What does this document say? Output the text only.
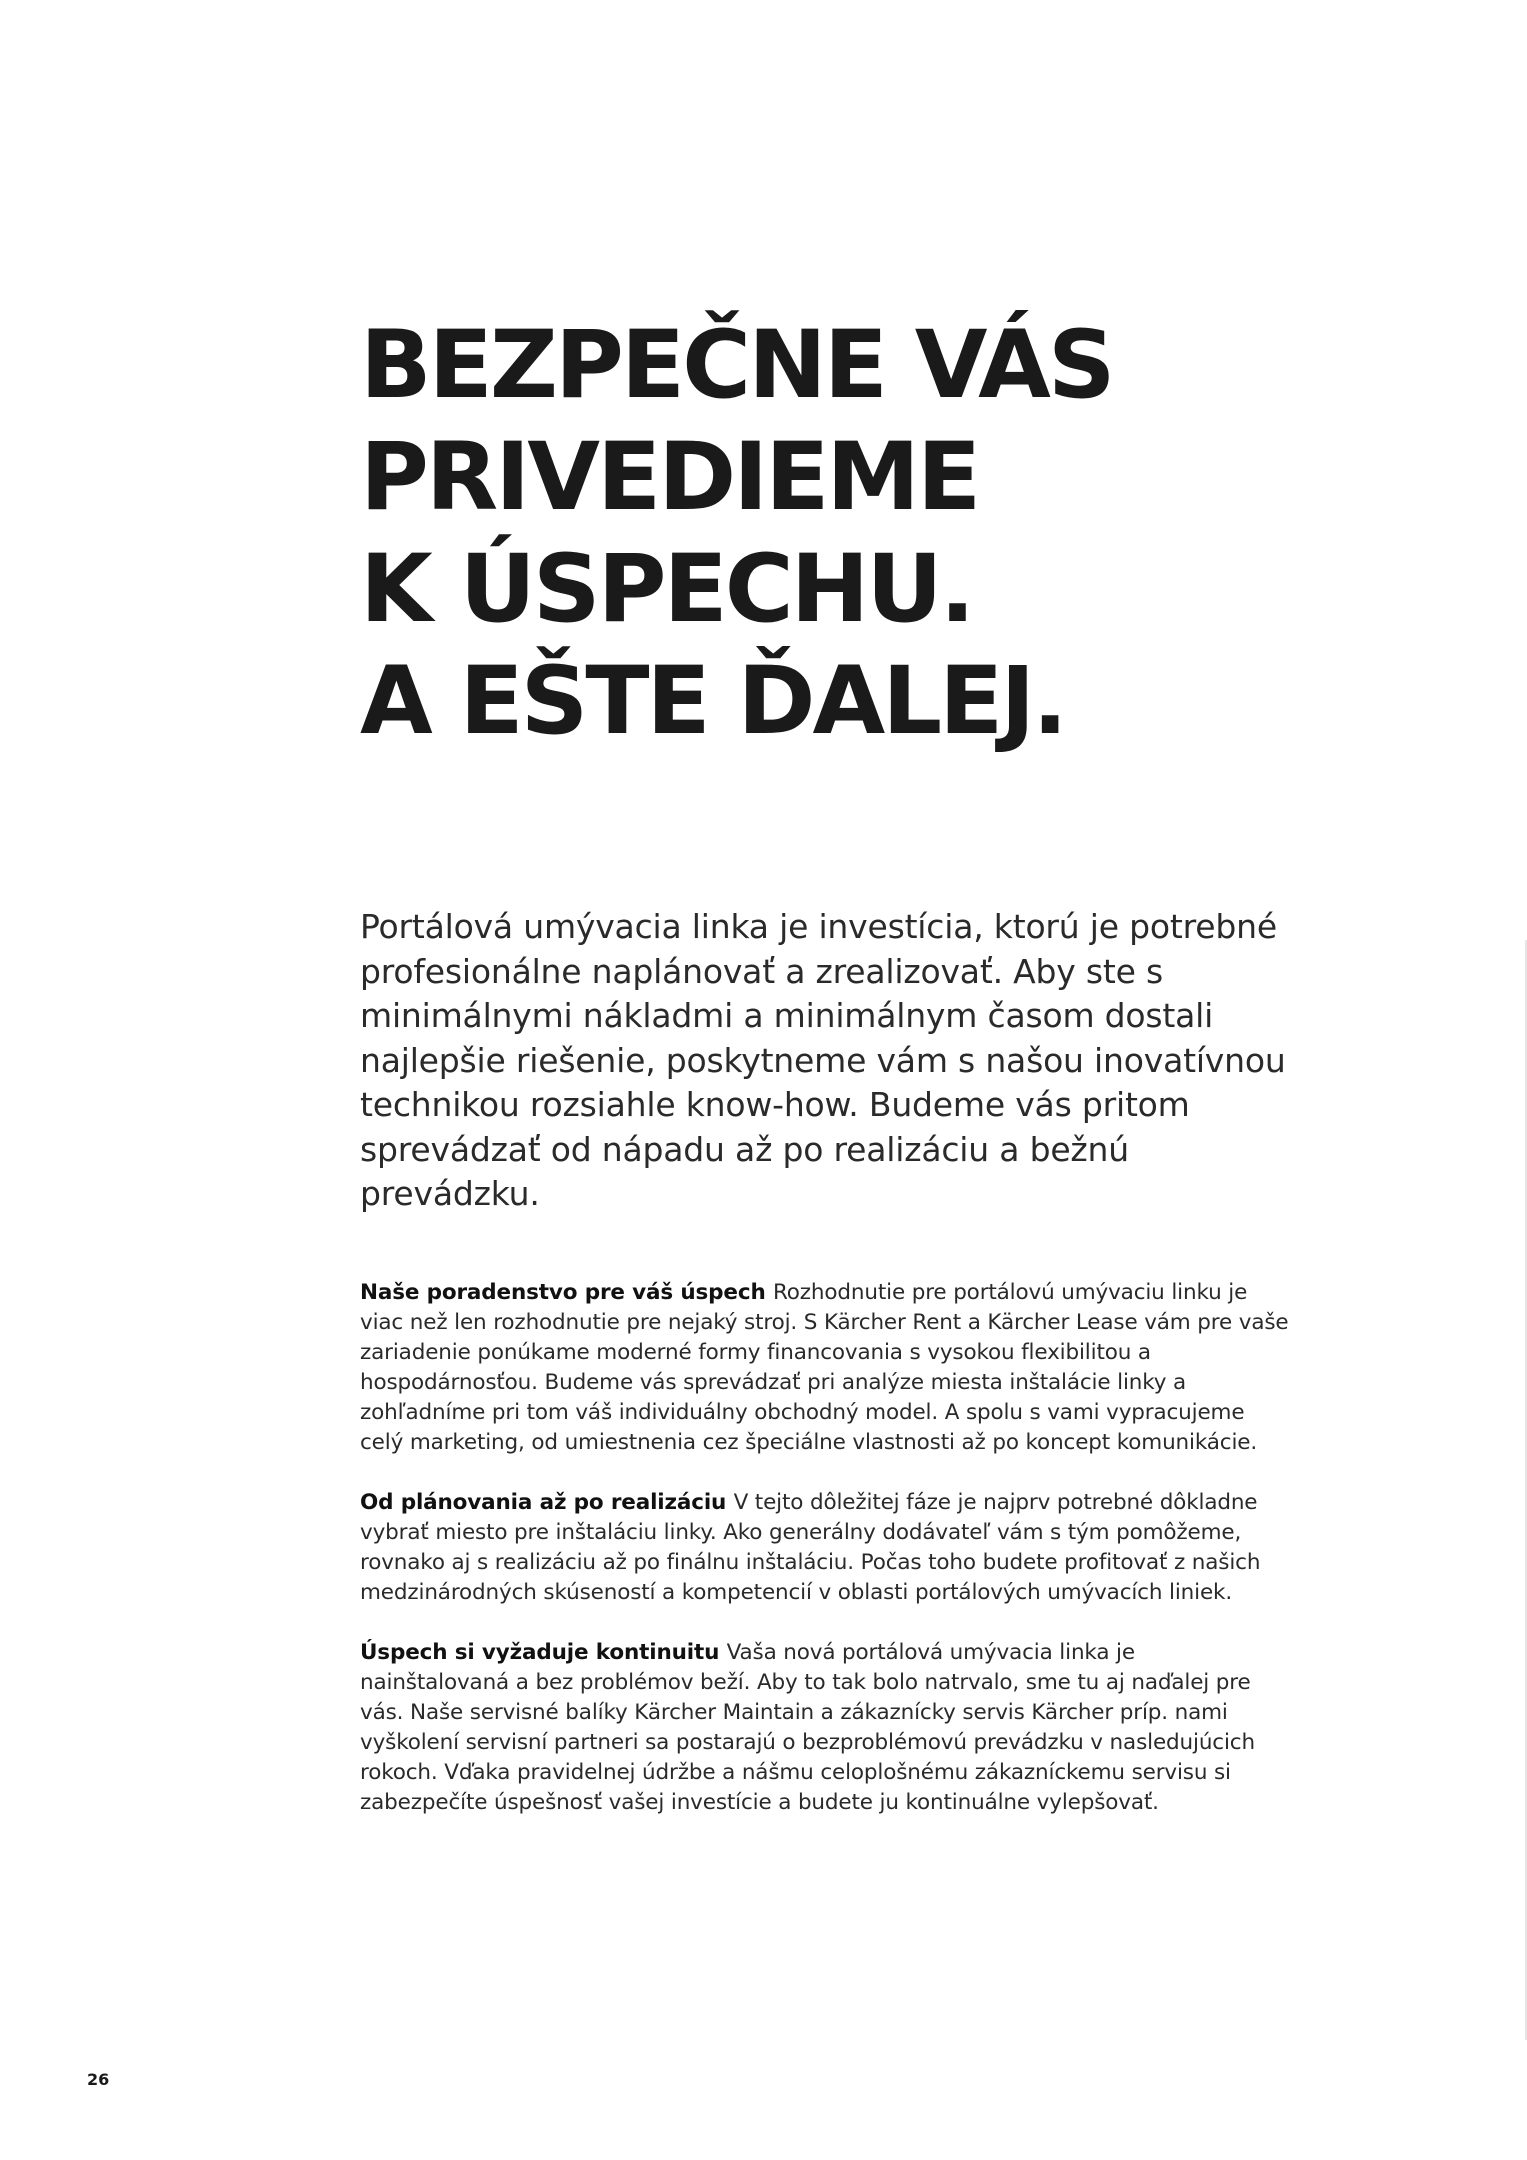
BEZPEČNE VÁS
PRIVEDIEME
K ÚSPECHU.
A EŠTE ĎALEJ.

Portálová umývacia linka je investícia, ktorú je potrebné profesionálne naplánovať a zrealizovať. Aby ste s minimálnymi nákladmi a minimálnym časom dostali najlepšie riešenie, poskytneme vám s našou inovatívnou technikou rozsiahle know-how. Budeme vás pritom sprevádzať od nápadu až po realizáciu a bežnú prevádzku.

Naše poradenstvo pre váš úspech Rozhodnutie pre portálovú umývaciu linku je viac než len rozhodnutie pre nejaký stroj. S Kärcher Rent a Kärcher Lease vám pre vaše zariadenie ponúkame moderné formy financovania s vysokou flexibilitou a hospodárnosťou. Budeme vás sprevádzať pri analýze miesta inštalácie linky a zohľadníme pri tom váš individuálny obchodný model. A spolu s vami vypracujeme celý marketing, od umiestnenia cez špeciálne vlastnosti až po koncept komunikácie.

Od plánovania až po realizáciu V tejto dôležitej fáze je najprv potrebné dôkladne vybrať miesto pre inštaláciu linky. Ako generálny dodávateľ vám s tým pomôžeme, rovnako aj s realizáciu až po finálnu inštaláciu. Počas toho budete profitovať z našich medzinárodných skúseností a kompetencií v oblasti portálových umývacích liniek.

Úspech si vyžaduje kontinuitu Vaša nová portálová umývacia linka je nainštalovaná a bez problémov beží. Aby to tak bolo natrvalo, sme tu aj naďalej pre vás. Naše servisné balíky Kärcher Maintain a zákaznícky servis Kärcher príp. nami vyškolení servisní partneri sa postarajú o bezproblémovú prevádzku v nasledujúcich rokoch. Vďaka pravidelnej údržbe a nášmu celoplošnému zákazníckemu servisu si zabezpečíte úspešnosť vašej investície a budete ju kontinuálne vylepšovať.

26
